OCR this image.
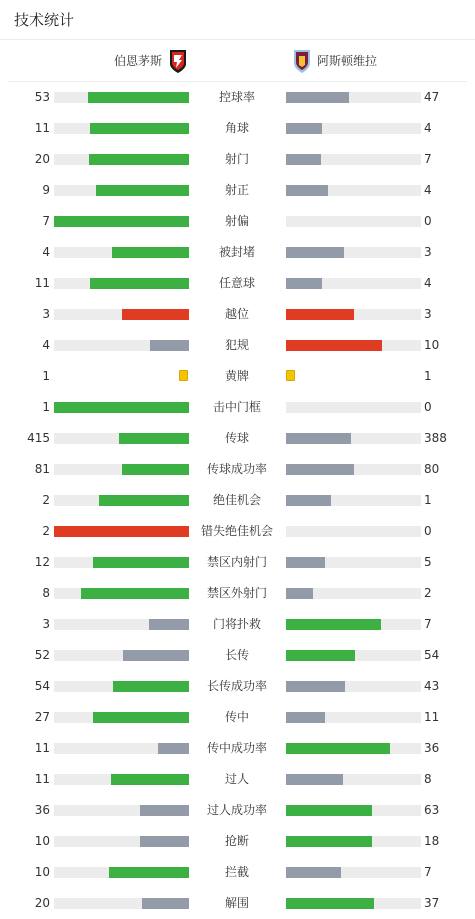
技术统计
伯恩茅斯	阿斯顿维拉
53	控球率	47
11	角球	4
20	射门	7
9	射正	4
7	射偏	0
4	被封堵	3
11	任意球	4
3	越位	3
4	犯规	10
1	黄牌	1
1	击中门框	0
415	传球	388
81	传球成功率	80
2	绝佳机会	1
2	错失绝佳机会	0
12	禁区内射门	5
8	禁区外射门	2
3	门将扑救	7
52	长传	54
54	长传成功率	43
27	传中	11
11	传中成功率	36
11	过人	8
36	过人成功率	63
10	抢断	18
10	拦截	7
20	解围	37
